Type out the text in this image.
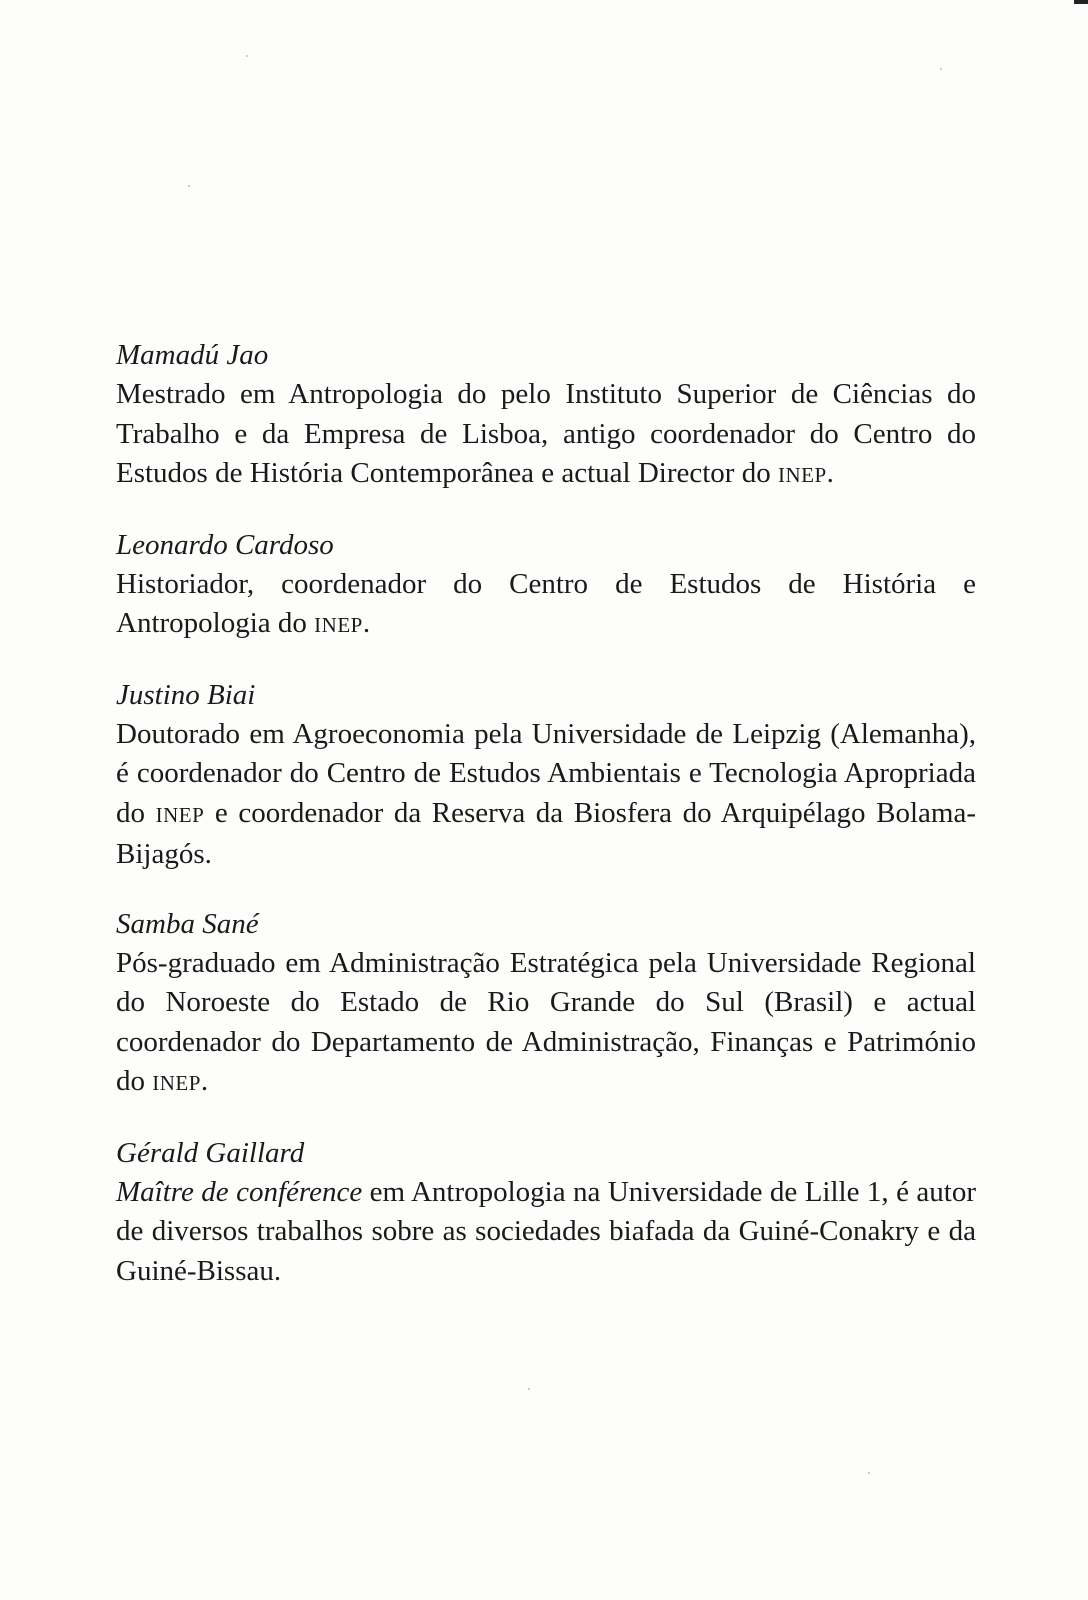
Mamadú Jao

Mestrado em Antropologia do pelo Instituto Superior de Ciências do Trabalho e da Empresa de Lisboa, antigo coordenador do Centro do Estudos de História Contemporânea e actual Director do INEP.

Leonardo Cardoso

Historiador, coordenador do Centro de Estudos de História e Antropologia do INEP.

Justino Biai

Doutorado em Agroeconomia pela Universidade de Leipzig (Alemanha), é coordenador do Centro de Estudos Ambientais e Tecnologia Apropriada do INEP e coordenador da Reserva da Biosfera do Arquipélago Bolama-Bijagós.

Samba Sané

Pós-graduado em Administração Estratégica pela Universidade Regional do Noroeste do Estado de Rio Grande do Sul (Brasil) e actual coordenador do Departamento de Administração, Finanças e Património do INEP.

Gérald Gaillard

Maître de conférence em Antropologia na Universidade de Lille 1, é autor de diversos trabalhos sobre as sociedades biafada da Guiné-Conakry e da Guiné-Bissau.
